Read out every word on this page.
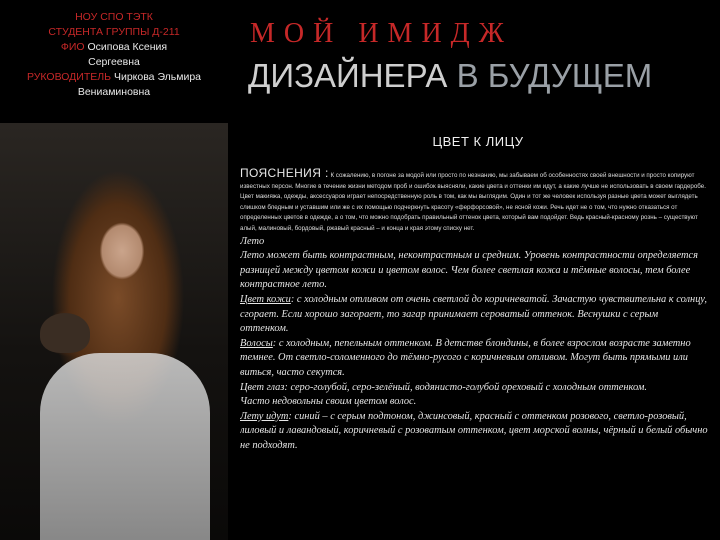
НОУ СПО ТЭТК
СТУДЕНТА ГРУППЫ Д-211
ФИО Осипова Ксения
Сергеевна
РУКОВОДИТЕЛЬ Чиркова Эльмира
Вениаминовна
МОЙ ИМИДЖ
ДИЗАЙНЕРА В БУДУЩЕМ
ЦВЕТ К ЛИЦУ

ПОЯСНЕНИЯ : К сожалению, в погоне за модой или просто по незнанию, мы забываем об особенностях своей внешности и просто копируют известных персон. Многие в течение жизни методом проб и ошибок выясняли, какие цвета и оттенки им идут, а какие лучше не использовать в своем гардеробе. Цвет макияжа, одежды, аксессуаров играет непосредственную роль в том, как мы выглядим. Один и тот же человек используя разные цвета может выглядеть слишком бледным и уставшим или же с их помощью подчеркнуть красоту «ферфорсовой», не ясной кожи. Речь идет не о том, что нужно отказаться от определенных цветов в одежде, а о том, что можно подобрать правильный оттенок цвета, который вам подойдет. Ведь красный-красному рознь – существуют алый, малиновый, бордовый, ржавый красный – и конца и края этому списку нет.

Лето

Лето может быть контрастным, неконтрастным и средним. Уровень контрастности определяется разницей между цветом кожи и цветом волос. Чем более светлая кожа и тёмные волосы, тем более контрастное лето.

Цвет кожи: с холодным отливом от очень светлой до коричневатой. Зачастую чувствительна к солнцу, сгорает. Если хорошо загорает, то загар принимает сероватый оттенок. Веснушки с серым оттенком.

Волосы: с холодным, пепельным оттенком. В детстве блондины, в более взрослом возрасте заметно темнее. От светло-соломенного до тёмно-русого с коричневым отливом. Могут быть прямыми или виться, часто секутся.

Цвет глаз: серо-голубой, серо-зелёный, водянисто-голубой ореховый с холодным оттенком.

Часто недовольны своим цветом волос.

Лету идут: синий – с серым подтоном, джинсовый, красный с оттенком розового, светло-розовый, лиловый и лавандовый, коричневый с розоватым оттенком, цвет морской волны, чёрный и белый обычно не подходят.
